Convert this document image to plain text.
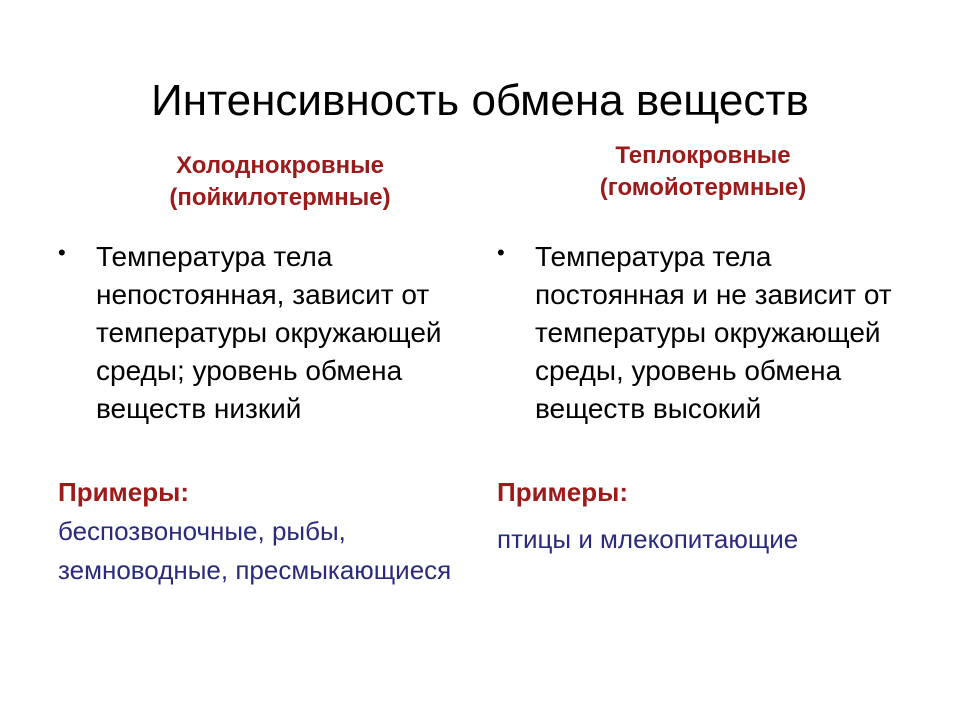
Интенсивность обмена веществ
Холоднокровные
(пойкилотермные)
• Температура тела непостоянная, зависит от температуры окружающей среды; уровень обмена веществ низкий

Примеры:
беспозвоночные, рыбы, земноводные, пресмыкающиеся
Теплокровные
(гомойотермные)
• Температура тела постоянная и не зависит от температуры окружающей среды, уровень обмена веществ высокий

Примеры:
птицы и млекопитающие
